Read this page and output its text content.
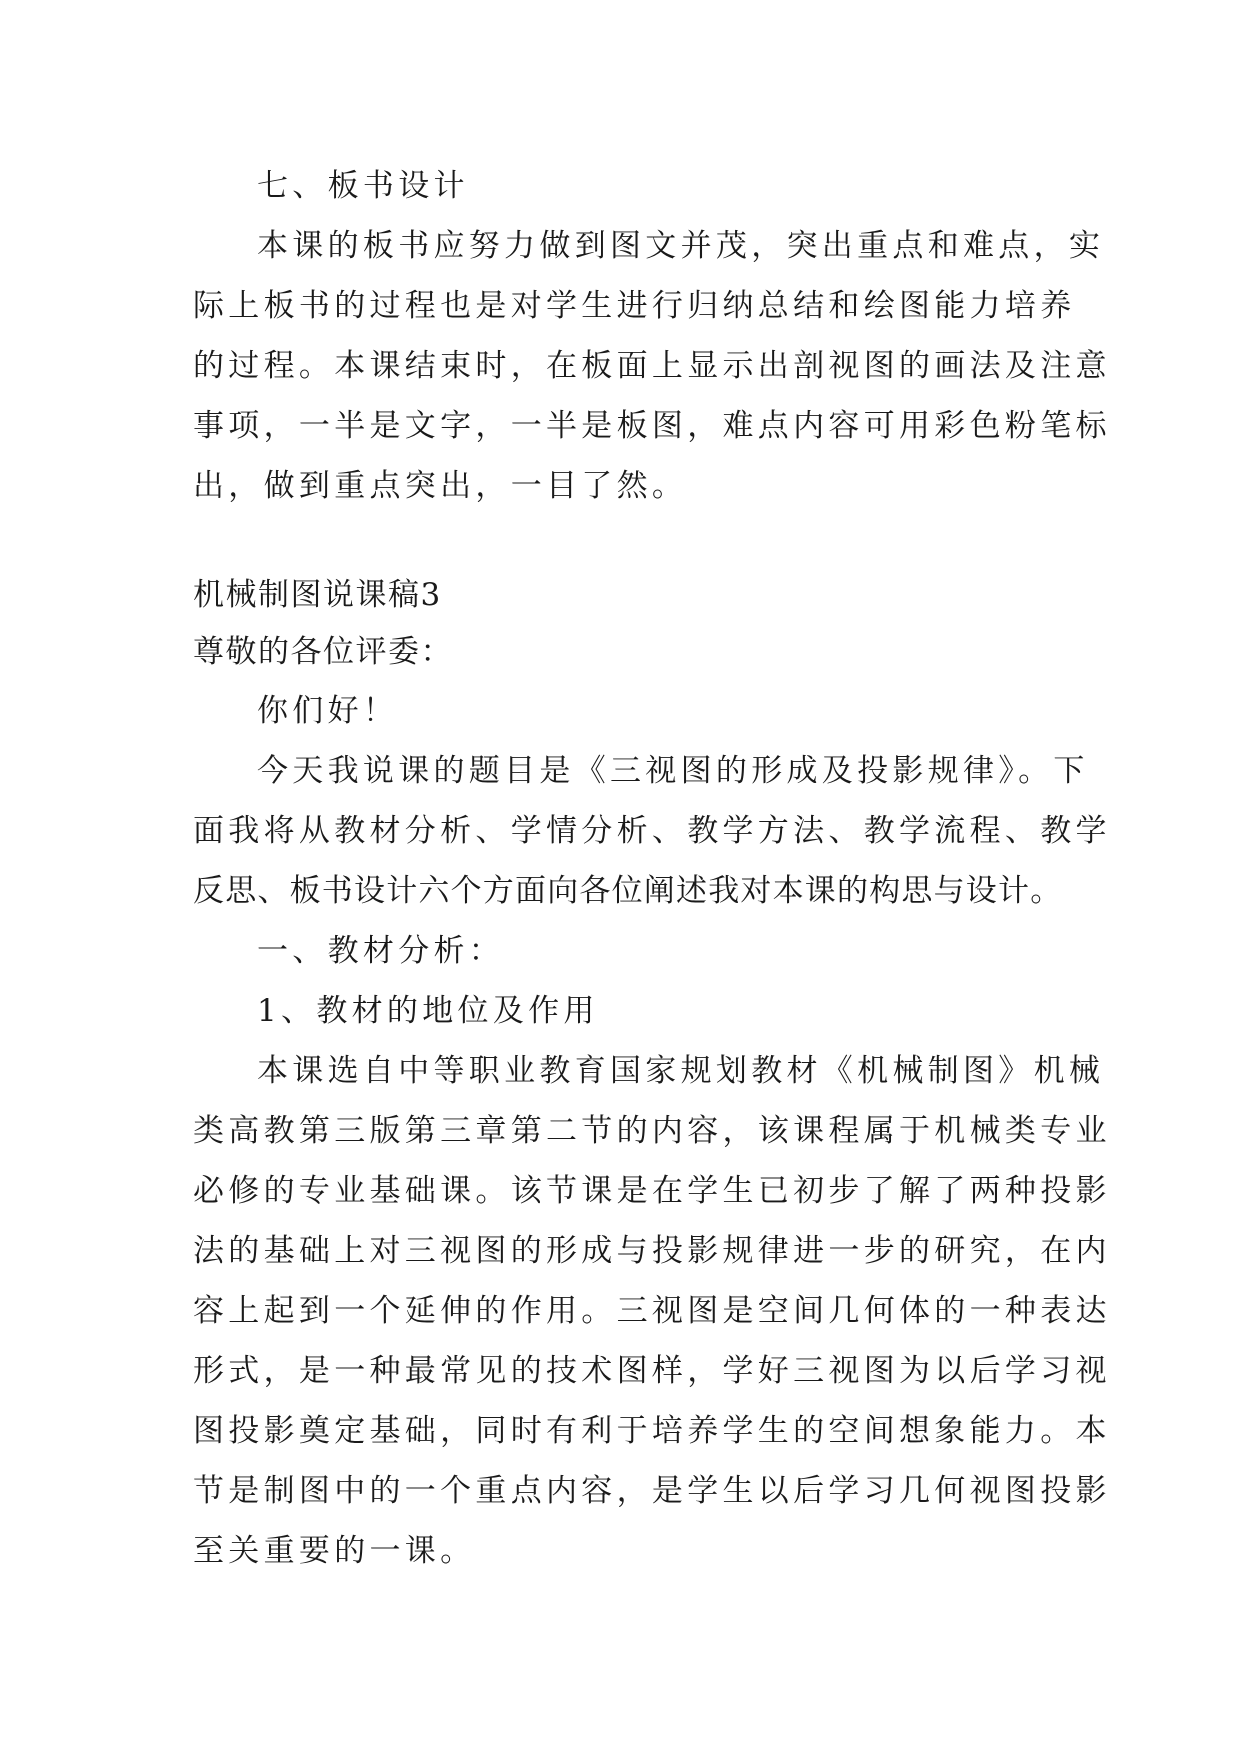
七、板书设计
本课的板书应努力做到图文并茂，突出重点和难点，实
际上板书的过程也是对学生进行归纳总结和绘图能力培养
的过程。本课结束时，在板面上显示出剖视图的画法及注意
事项，一半是文字，一半是板图，难点内容可用彩色粉笔标
出，做到重点突出，一目了然。
机械制图说课稿3
尊敬的各位评委：
你们好！
今天我说课的题目是《三视图的形成及投影规律》。下
面我将从教材分析、学情分析、教学方法、教学流程、教学
反思、板书设计六个方面向各位阐述我对本课的构思与设计。
一、教材分析：
1、教材的地位及作用
本课选自中等职业教育国家规划教材《机械制图》机械
类高教第三版第三章第二节的内容，该课程属于机械类专业
必修的专业基础课。该节课是在学生已初步了解了两种投影
法的基础上对三视图的形成与投影规律进一步的研究，在内
容上起到一个延伸的作用。三视图是空间几何体的一种表达
形式，是一种最常见的技术图样，学好三视图为以后学习视
图投影奠定基础，同时有利于培养学生的空间想象能力。本
节是制图中的一个重点内容，是学生以后学习几何视图投影
至关重要的一课。
